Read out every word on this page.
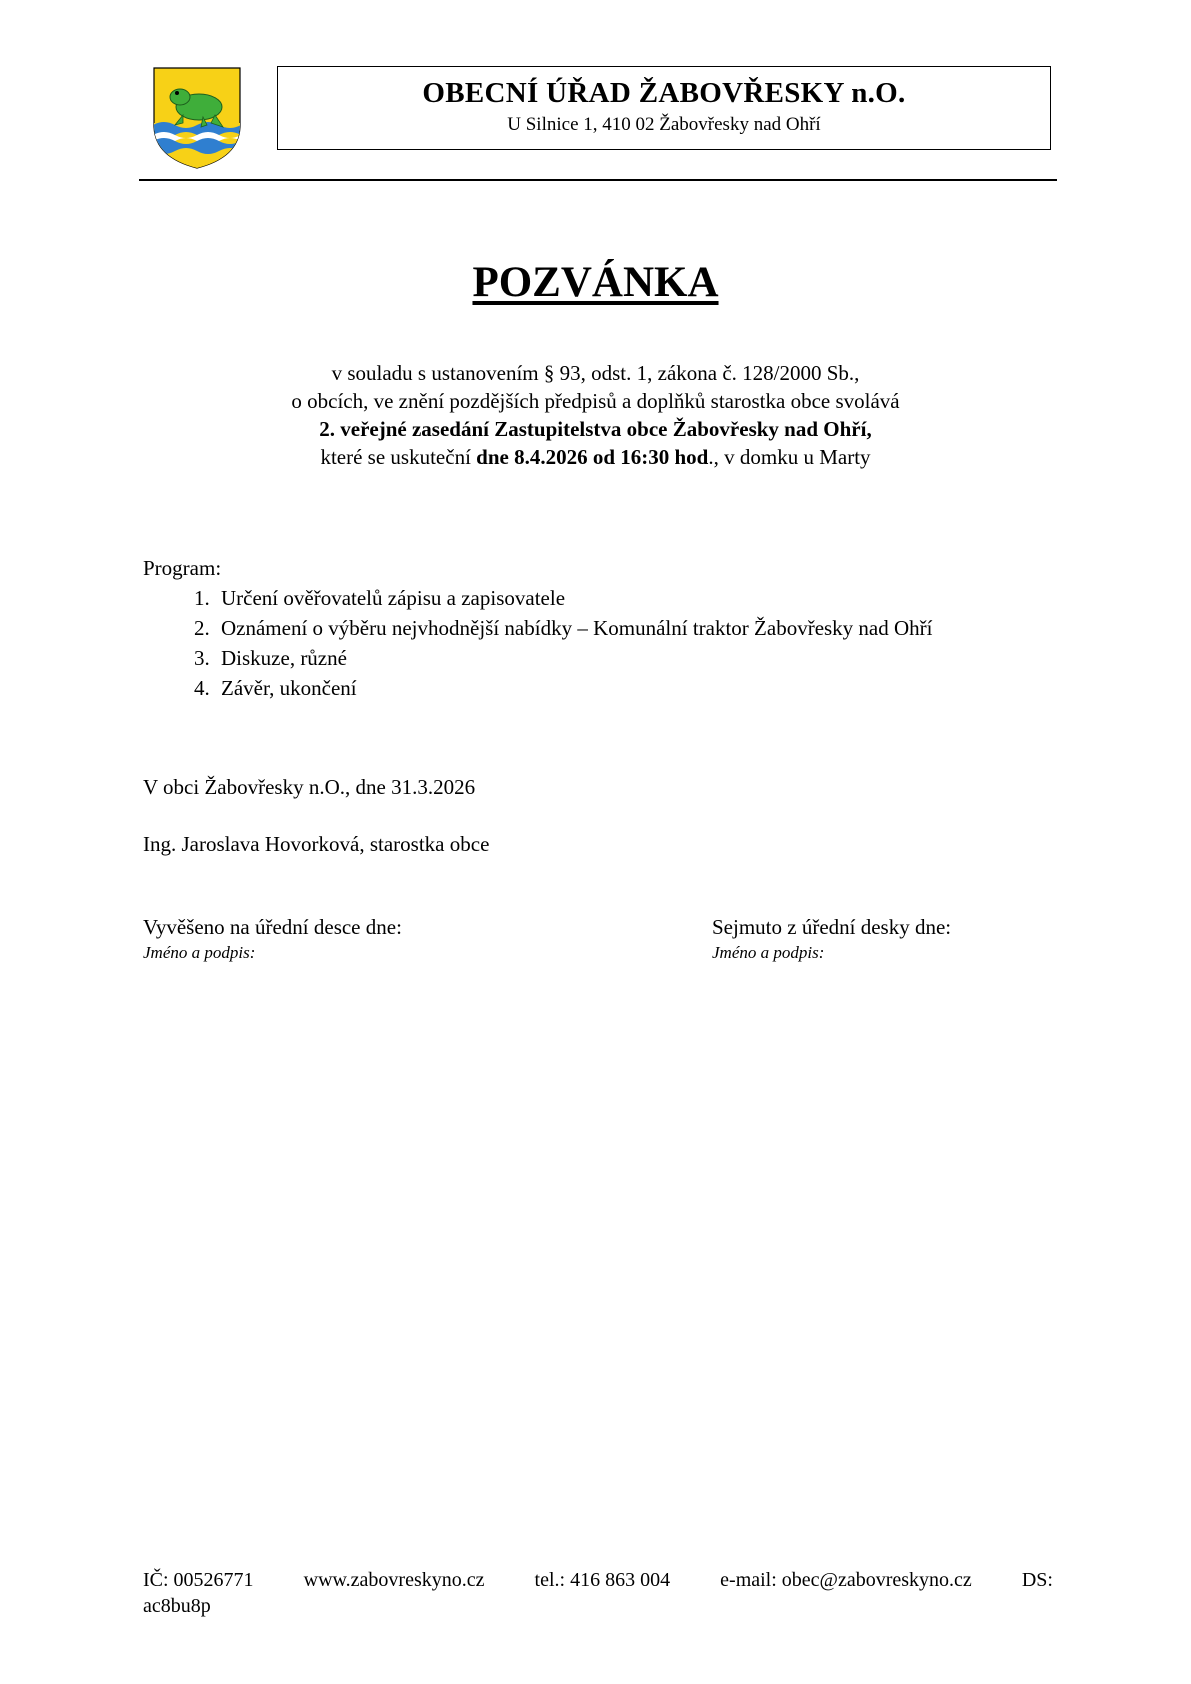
OBECNÍ ÚŘAD ŽABOVŘESKY n.O.
U Silnice 1, 410 02 Žabovřesky nad Ohří
POZVÁNKA
v souladu s ustanovením § 93, odst. 1, zákona č. 128/2000 Sb.,
o obcích, ve znění pozdějších předpisů a doplňků starostka obce svolává
2. veřejné zasedání Zastupitelstva obce Žabovřesky nad Ohří,
které se uskuteční dne 8.4.2026 od 16:30 hod., v domku u Marty
Program:
1. Určení ověřovatelů zápisu a zapisovatele
2. Oznámení o výběru nejvhodnější nabídky – Komunální traktor Žabovřesky nad Ohří
3. Diskuze, různé
4. Závěr, ukončení
V obci Žabovřesky n.O., dne 31.3.2026
Ing. Jaroslava Hovorková, starostka obce
Vyvěšeno na úřední desce dne:
Jméno a podpis:
Sejmuto z úřední desky dne:
Jméno a podpis:
IČ: 00526771	www.zabovreskyno.cz	tel.: 416 863 004	e-mail: obec@zabovreskyno.cz	DS:
ac8bu8p
